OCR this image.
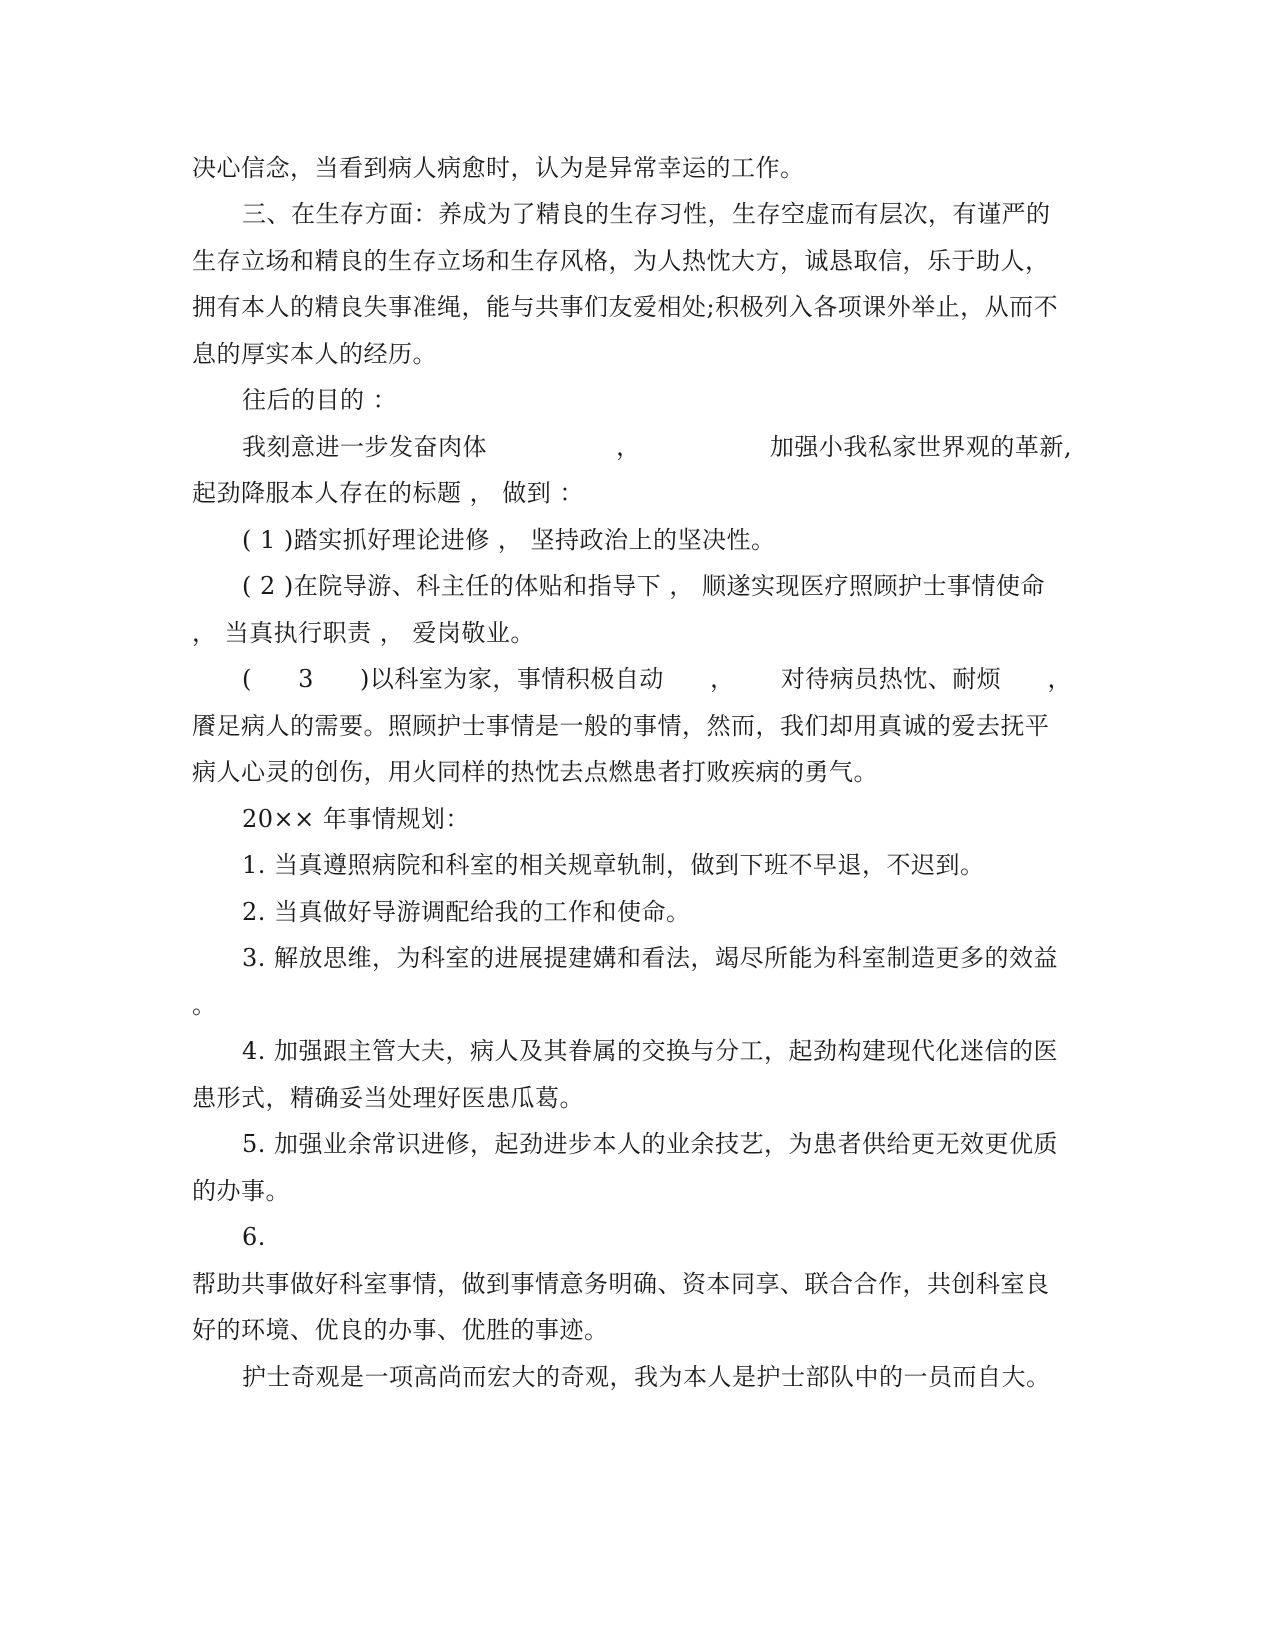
决心信念，当看到病人病愈时，认为是异常幸运的工作。
三、在生存方面：养成为了精良的生存习性，生存空虚而有层次，有谨严的
生存立场和精良的生存立场和生存风格，为人热忱大方，诚恳取信，乐于助人，
拥有本人的精良失事准绳，能与共事们友爱相处;积极列入各项课外举止，从而不
息的厚实本人的经历。
往后的目的 ：
我刻意进一步发奋肉体	，	加强小我私家世界观的革新,
起劲降服本人存在的标题 ， 做到 ：
( 1 )踏实抓好理论进修 ， 坚持政治上的坚决性。
( 2 )在院导游、科主任的体贴和指导下 ， 顺遂实现医疗照顾护士事情使命
， 当真执行职责 ， 爱岗敬业。
( 3 )以科室为家，事情积极自动 ， 对待病员热忱、耐烦 ，
餍足病人的需要。照顾护士事情是一般的事情，然而，我们却用真诚的爱去抚平
病人心灵的创伤，用火同样的热忱去点燃患者打败疾病的勇气。
20×× 年事情规划：
1. 当真遵照病院和科室的相关规章轨制，做到下班不早退，不迟到。
2. 当真做好导游调配给我的工作和使命。
3. 解放思维，为科室的进展提建媾和看法，竭尽所能为科室制造更多的效益
。
4. 加强跟主管大夫，病人及其眷属的交换与分工，起劲构建现代化迷信的医
患形式，精确妥当处理好医患瓜葛。
5. 加强业余常识进修，起劲进步本人的业余技艺，为患者供给更无效更优质
的办事。
6.
帮助共事做好科室事情，做到事情意务明确、资本同享、联合合作，共创科室良
好的环境、优良的办事、优胜的事迹。
护士奇观是一项高尚而宏大的奇观，我为本人是护士部队中的一员而自大。
